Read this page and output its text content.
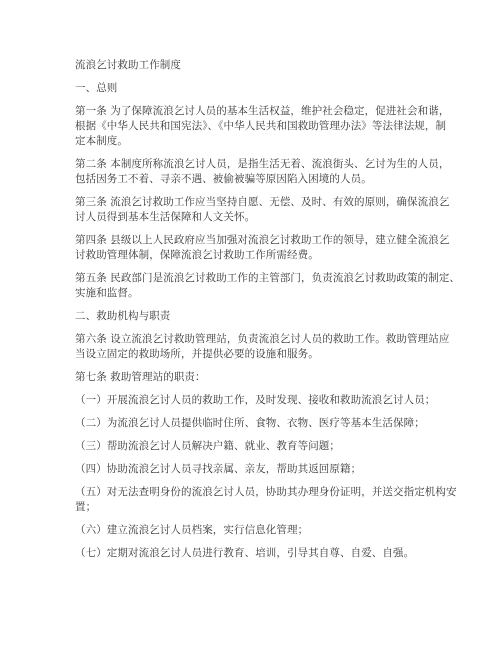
流浪乞讨救助工作制度
一、总则
第一条 为了保障流浪乞讨人员的基本生活权益，维护社会稳定，促进社会和谐，
根据《中华人民共和国宪法》、《中华人民共和国救助管理办法》等法律法规，制
定本制度。
第二条 本制度所称流浪乞讨人员，是指生活无着、流浪街头、乞讨为生的人员，
包括因务工不着、寻亲不遇、被偷被骗等原因陷入困境的人员。
第三条 流浪乞讨救助工作应当坚持自愿、无偿、及时、有效的原则，确保流浪乞
讨人员得到基本生活保障和人文关怀。
第四条 县级以上人民政府应当加强对流浪乞讨救助工作的领导，建立健全流浪乞
讨救助管理体制，保障流浪乞讨救助工作所需经费。
第五条 民政部门是流浪乞讨救助工作的主管部门，负责流浪乞讨救助政策的制定、
实施和监督。
二、救助机构与职责
第六条 设立流浪乞讨救助管理站，负责流浪乞讨人员的救助工作。救助管理站应
当设立固定的救助场所，并提供必要的设施和服务。
第七条 救助管理站的职责：
（一）开展流浪乞讨人员的救助工作，及时发现、接收和救助流浪乞讨人员；
（二）为流浪乞讨人员提供临时住所、食物、衣物、医疗等基本生活保障；
（三）帮助流浪乞讨人员解决户籍、就业、教育等问题；
（四）协助流浪乞讨人员寻找亲属、亲友，帮助其返回原籍；
（五）对无法查明身份的流浪乞讨人员，协助其办理身份证明，并送交指定机构安
置；
（六）建立流浪乞讨人员档案，实行信息化管理；
（七）定期对流浪乞讨人员进行教育、培训，引导其自尊、自爱、自强。
